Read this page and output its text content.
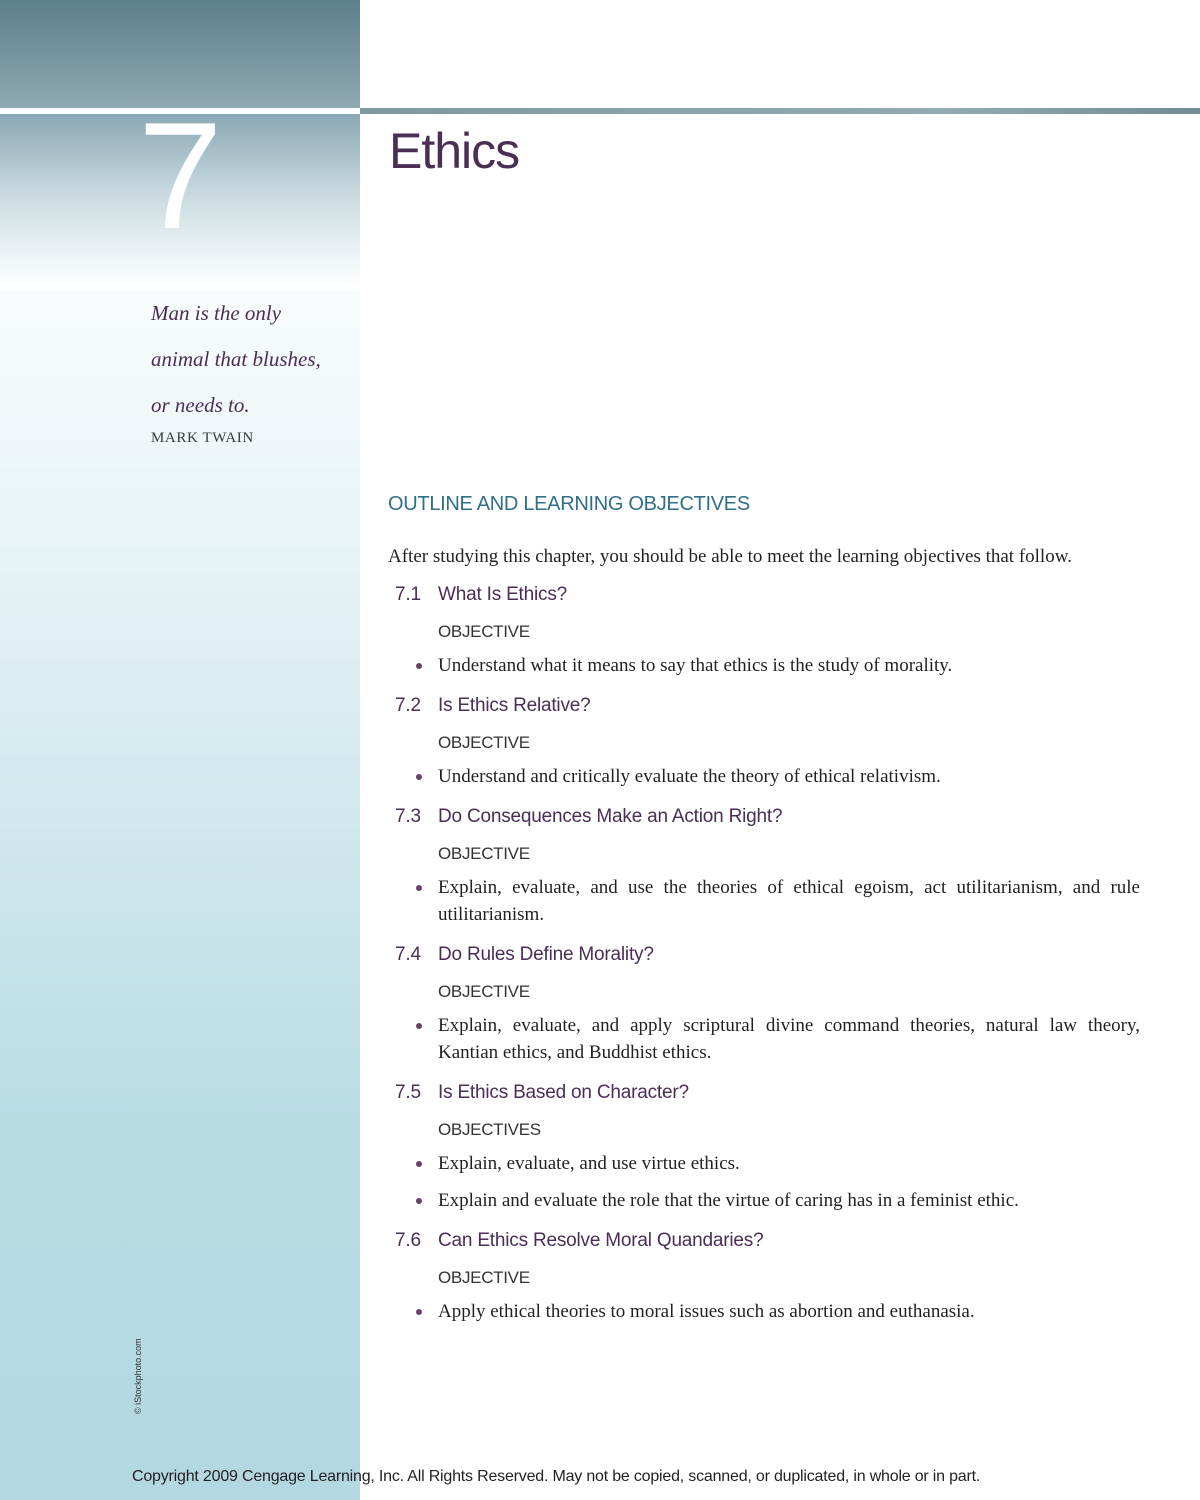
7	Ethics
Man is the only
animal that blushes,
or needs to.
MARK TWAIN
© iStockphoto.com
OUTLINE AND LEARNING OBJECTIVES

After studying this chapter, you should be able to meet the learning objectives that follow.

7.1 What Is Ethics?
OBJECTIVE
Understand what it means to say that ethics is the study of morality.
7.2 Is Ethics Relative?
OBJECTIVE
Understand and critically evaluate the theory of ethical relativism.
7.3 Do Consequences Make an Action Right?
OBJECTIVE
Explain, evaluate, and use the theories of ethical egoism, act utilitarianism, and rule utilitarianism.
7.4 Do Rules Define Morality?
OBJECTIVE
Explain, evaluate, and apply scriptural divine command theories, natural law theory, Kantian ethics, and Buddhist ethics.
7.5 Is Ethics Based on Character?
OBJECTIVES
Explain, evaluate, and use virtue ethics.
Explain and evaluate the role that the virtue of caring has in a feminist ethic.
7.6 Can Ethics Resolve Moral Quandaries?
OBJECTIVE
Apply ethical theories to moral issues such as abortion and euthanasia.
Copyright 2009 Cengage Learning, Inc. All Rights Reserved. May not be copied, scanned, or duplicated, in whole or in part.
